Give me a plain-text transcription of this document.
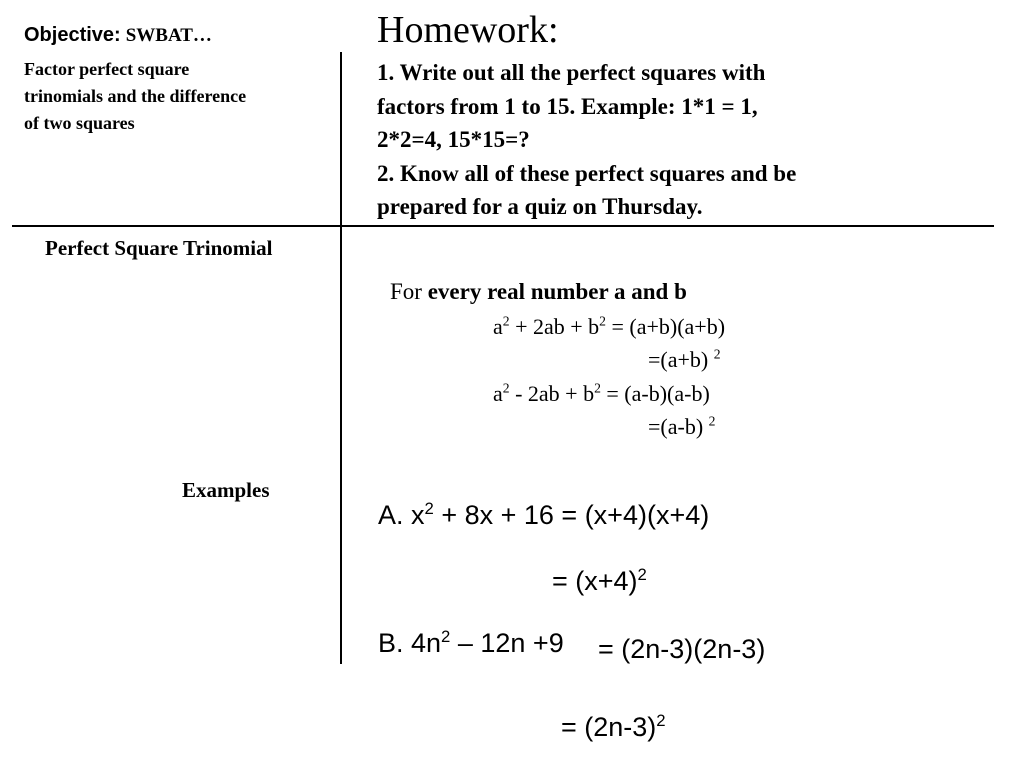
Objective: SWBAT…
Factor perfect square
trinomials and the difference
of two squares
Homework:
1. Write out all the perfect squares with
factors from 1 to 15. Example: 1*1 = 1,
2*2=4, 15*15=?
2. Know all of these perfect squares and be
prepared for a quiz on Thursday.
Perfect Square Trinomial
Examples
For every real number a and b
$a^2 + 2ab + b^2 = (a+b)(a+b)$
=(a+b) $^2$
$a^2 - 2ab + b^2 = (a-b)(a-b)$
=(a-b) $^2$
A. $x^2 + 8x + 16 = (x+4)(x+4)$
= $(x+4)^2$
B. $4n^2 - 12n +9 = (2n-3)(2n-3)$
= $(2n-3)^2$
